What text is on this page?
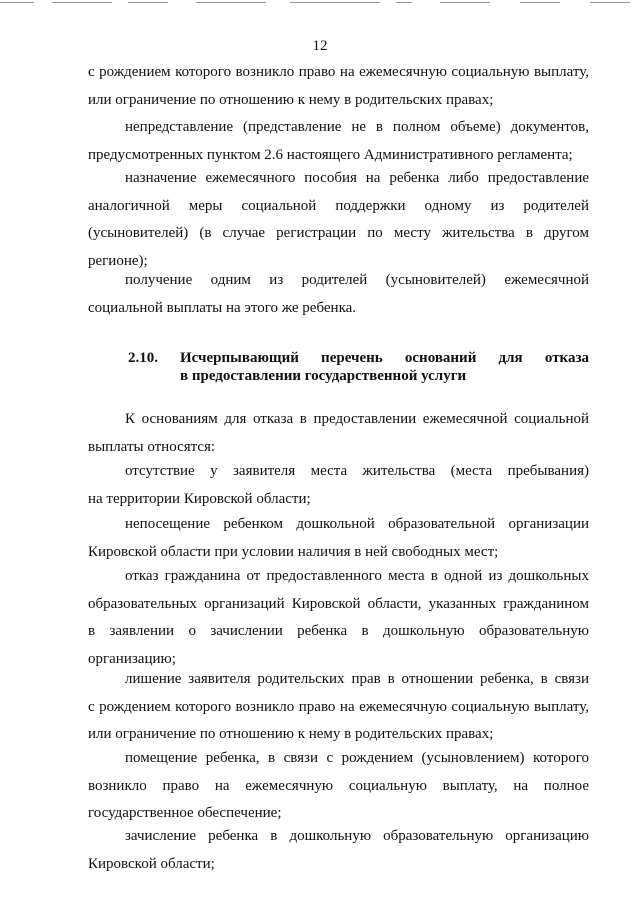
12

с рождением которого возникло право на ежемесячную социальную выплату,
или ограничение по отношению к нему в родительских правах;

непредставление (представление не в полном объеме) документов,
предусмотренных пунктом 2.6 настоящего Административного регламента;

назначение ежемесячного пособия на ребенка либо предоставление
аналогичной меры социальной поддержки одному из родителей
(усыновителей) (в случае регистрации по месту жительства в другом
регионе);

получение одним из родителей (усыновителей) ежемесячной
социальной выплаты на этого же ребенка.

2.10. Исчерпывающий перечень оснований для отказа
в предоставлении государственной услуги

К основаниям для отказа в предоставлении ежемесячной социальной
выплаты относятся:

отсутствие у заявителя места жительства (места пребывания)
на территории Кировской области;

непосещение ребенком дошкольной образовательной организации
Кировской области при условии наличия в ней свободных мест;

отказ гражданина от предоставленного места в одной из дошкольных
образовательных организаций Кировской области, указанных гражданином
в заявлении о зачислении ребенка в дошкольную образовательную
организацию;

лишение заявителя родительских прав в отношении ребенка, в связи
с рождением которого возникло право на ежемесячную социальную выплату,
или ограничение по отношению к нему в родительских правах;

помещение ребенка, в связи с рождением (усыновлением) которого
возникло право на ежемесячную социальную выплату, на полное
государственное обеспечение;

зачисление ребенка в дошкольную образовательную организацию
Кировской области;
